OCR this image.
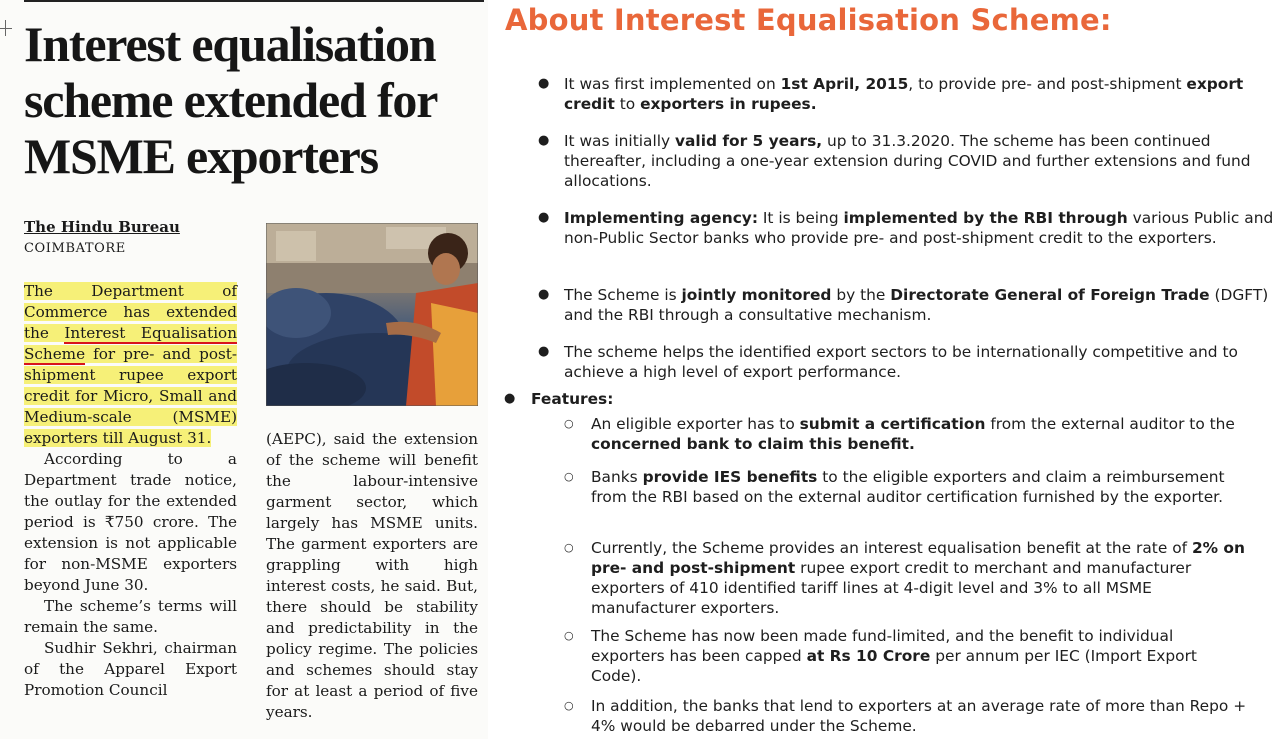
Interest equalisation
scheme extended for
MSME exporters
The Hindu Bureau
COIMBATORE

The Department of Commerce has extended the Interest Equalisation Scheme for pre- and post-shipment rupee export credit for Micro, Small and Medium-scale (MSME) exporters till August 31.

According to a Department trade notice, the outlay for the extended period is ₹750 crore. The extension is not applicable for non-MSME exporters beyond June 30.

The scheme’s terms will remain the same.

Sudhir Sekhri, chairman of the Apparel Export Promotion Council

(AEPC), said the extension of the scheme will benefit the labour-intensive garment sector, which largely has MSME units. The garment exporters are grappling with high interest costs, he said. But, there should be stability and predictability in the policy regime. The policies and schemes should stay for at least a period of five years.

About Interest Equalisation Scheme:
● It was first implemented on 1st April, 2015, to provide pre- and post-shipment export credit to exporters in rupees.
● It was initially valid for 5 years, up to 31.3.2020. The scheme has been continued thereafter, including a one-year extension during COVID and further extensions and fund allocations.
● Implementing agency: It is being implemented by the RBI through various Public and non-Public Sector banks who provide pre- and post-shipment credit to the exporters.
● The Scheme is jointly monitored by the Directorate General of Foreign Trade (DGFT) and the RBI through a consultative mechanism.
● The scheme helps the identified export sectors to be internationally competitive and to achieve a high level of export performance.
● Features:
○ An eligible exporter has to submit a certification from the external auditor to the concerned bank to claim this benefit.
○ Banks provide IES benefits to the eligible exporters and claim a reimbursement from the RBI based on the external auditor certification furnished by the exporter.
○ Currently, the Scheme provides an interest equalisation benefit at the rate of 2% on pre- and post-shipment rupee export credit to merchant and manufacturer exporters of 410 identified tariff lines at 4-digit level and 3% to all MSME manufacturer exporters.
○ The Scheme has now been made fund-limited, and the benefit to individual exporters has been capped at Rs 10 Crore per annum per IEC (Import Export Code).
○ In addition, the banks that lend to exporters at an average rate of more than Repo + 4% would be debarred under the Scheme.
